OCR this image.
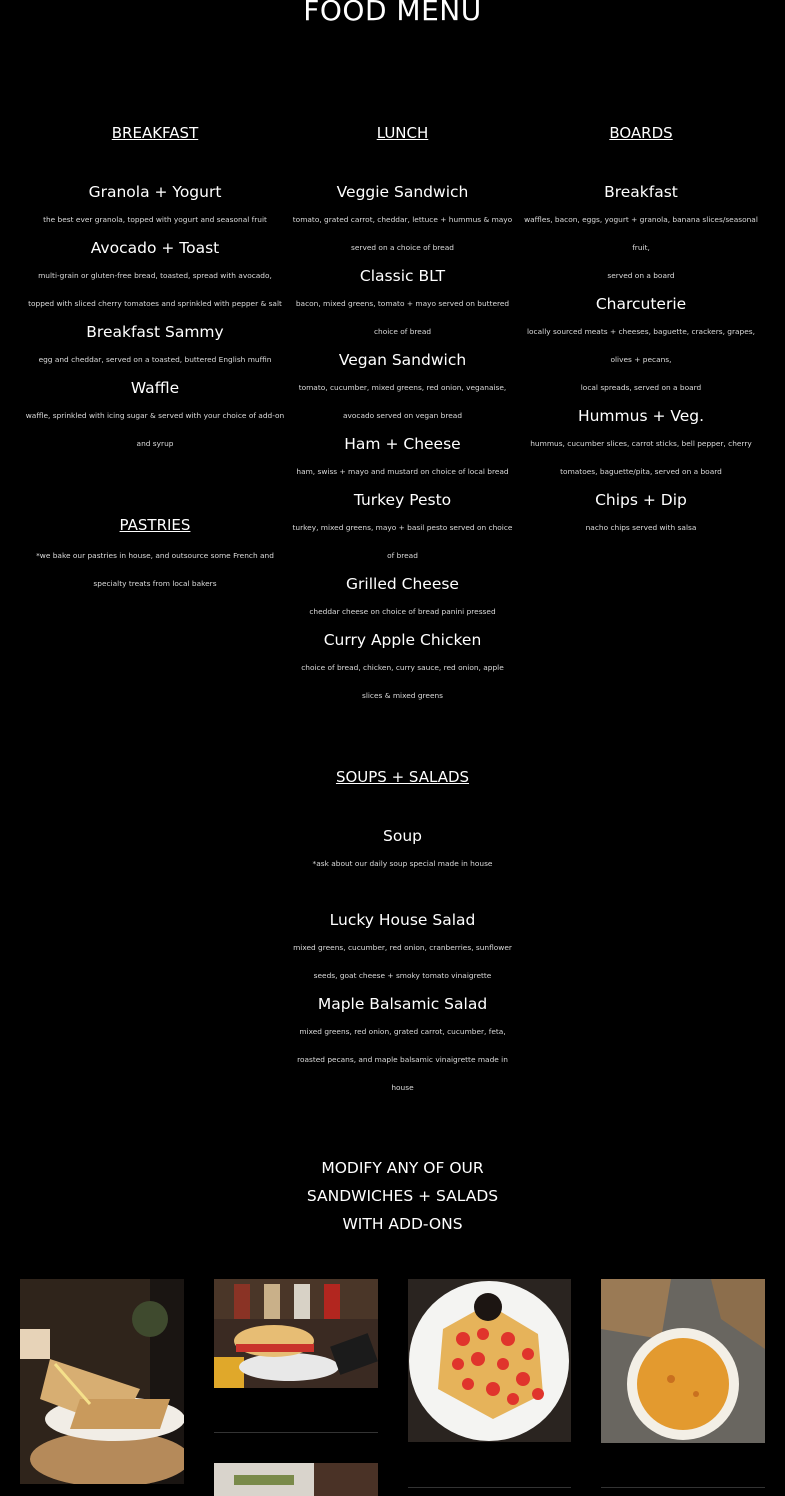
FOOD MENU
BREAKFAST
Granola + Yogurt
the best ever granola, topped with yogurt and seasonal fruit
Avocado + Toast
multi-grain or gluten-free bread, toasted, spread with avocado,
topped with sliced cherry tomatoes and sprinkled with pepper & salt
Breakfast Sammy
egg and cheddar, served on a toasted, buttered English muffin
Waffle
waffle, sprinkled with icing sugar & served with your choice of add-on
and syrup
PASTRIES
*we bake our pastries in house, and outsource some French and
specialty treats from local bakers
LUNCH
Veggie Sandwich
tomato, grated carrot, cheddar, lettuce + hummus & mayo
served on a choice of bread
Classic BLT
bacon, mixed greens, tomato + mayo served on buttered
choice of bread
Vegan Sandwich
tomato, cucumber, mixed greens, red onion, veganaise,
avocado served on vegan bread
Ham + Cheese
ham, swiss + mayo and mustard on choice of local bread
Turkey Pesto
turkey, mixed greens, mayo + basil pesto served on choice
of bread
Grilled Cheese
cheddar cheese on choice of bread panini pressed
Curry Apple Chicken
choice of bread, chicken, curry sauce, red onion, apple
slices & mixed greens
BOARDS
Breakfast
waffles, bacon, eggs, yogurt + granola, banana slices/seasonal
fruit,
served on a board
Charcuterie
locally sourced meats + cheeses, baguette, crackers, grapes,
olives + pecans,
local spreads, served on a board
Hummus + Veg.
hummus, cucumber slices, carrot sticks, bell pepper, cherry
tomatoes, baguette/pita, served on a board
Chips + Dip
nacho chips served with salsa
SOUPS + SALADS
Soup
*ask about our daily soup special made in house
Lucky House Salad
mixed greens, cucumber, red onion, cranberries, sunflower
seeds, goat cheese + smoky tomato vinaigrette
Maple Balsamic Salad
mixed greens, red onion, grated carrot, cucumber, feta,
roasted pecans, and maple balsamic vinaigrette made in
house
MODIFY ANY OF OUR
SANDWICHES + SALADS
WITH ADD-ONS
